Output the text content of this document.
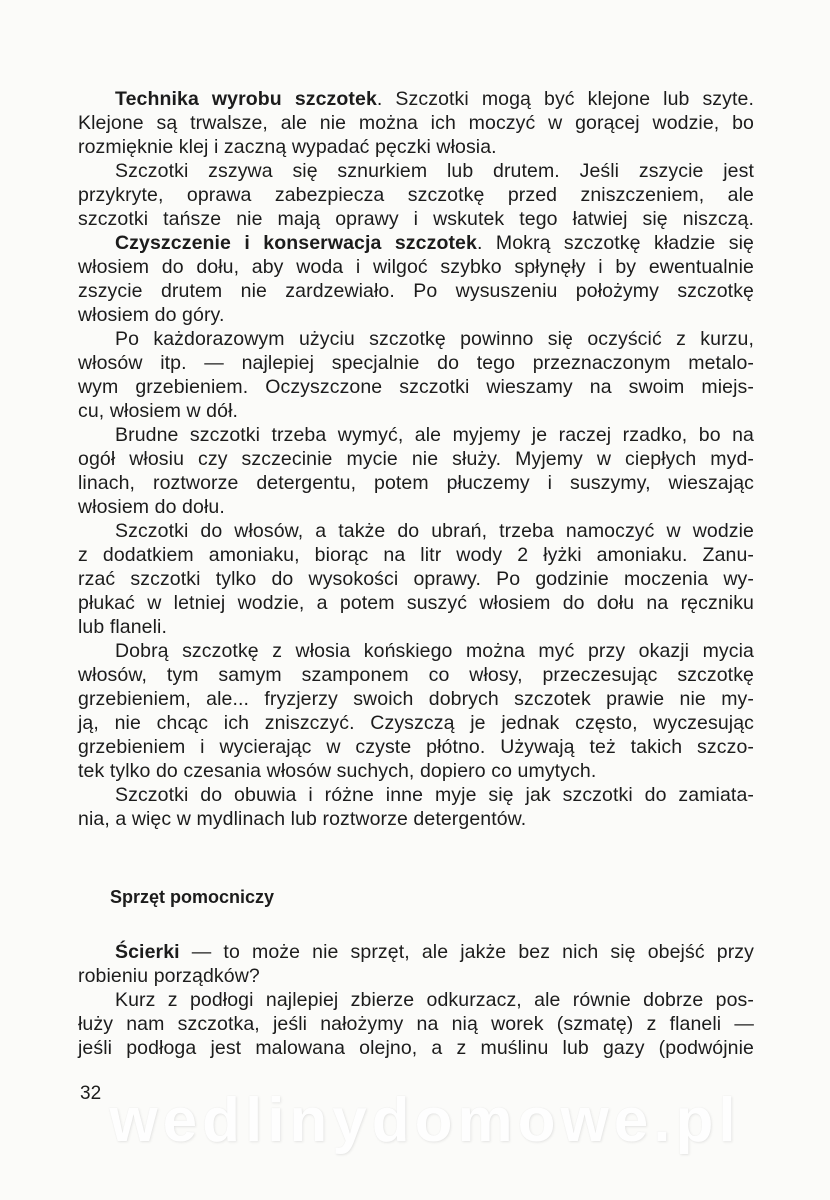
Technika wyrobu szczotek. Szczotki mogą być klejone lub szyte.
Klejone są trwalsze, ale nie można ich moczyć w gorącej wodzie, bo
rozmięknie klej i zaczną wypadać pęczki włosia.
Szczotki zszywa się sznurkiem lub drutem. Jeśli zszycie jest
przykryte, oprawa zabezpiecza szczotkę przed zniszczeniem, ale
szczotki tańsze nie mają oprawy i wskutek tego łatwiej się niszczą.
Czyszczenie i konserwacja szczotek. Mokrą szczotkę kładzie się
włosiem do dołu, aby woda i wilgoć szybko spłynęły i by ewentualnie
zszycie drutem nie zardzewiało. Po wysuszeniu położymy szczotkę
włosiem do góry.
Po każdorazowym użyciu szczotkę powinno się oczyścić z kurzu,
włosów itp. — najlepiej specjalnie do tego przeznaczonym metalo-
wym grzebieniem. Oczyszczone szczotki wieszamy na swoim miejs-
cu, włosiem w dół.
Brudne szczotki trzeba wymyć, ale myjemy je raczej rzadko, bo na
ogół włosiu czy szczecinie mycie nie służy. Myjemy w ciepłych myd-
linach, roztworze detergentu, potem płuczemy i suszymy, wieszając
włosiem do dołu.
Szczotki do włosów, a także do ubrań, trzeba namoczyć w wodzie
z dodatkiem amoniaku, biorąc na litr wody 2 łyżki amoniaku. Zanu-
rzać szczotki tylko do wysokości oprawy. Po godzinie moczenia wy-
płukać w letniej wodzie, a potem suszyć włosiem do dołu na ręczniku
lub flaneli.
Dobrą szczotkę z włosia końskiego można myć przy okazji mycia
włosów, tym samym szamponem co włosy, przeczesując szczotkę
grzebieniem, ale... fryzjerzy swoich dobrych szczotek prawie nie my-
ją, nie chcąc ich zniszczyć. Czyszczą je jednak często, wyczesując
grzebieniem i wycierając w czyste płótno. Używają też takich szczo-
tek tylko do czesania włosów suchych, dopiero co umytych.
Szczotki do obuwia i różne inne myje się jak szczotki do zamiata-
nia, a więc w mydlinach lub roztworze detergentów.
Sprzęt pomocniczy
Ścierki — to może nie sprzęt, ale jakże bez nich się obejść przy
robieniu porządków?
Kurz z podłogi najlepiej zbierze odkurzacz, ale równie dobrze pos-
łuży nam szczotka, jeśli nałożymy na nią worek (szmatę) z flaneli —
jeśli podłoga jest malowana olejno, a z muślinu lub gazy (podwójnie
wedlinydomowe.pl
32
